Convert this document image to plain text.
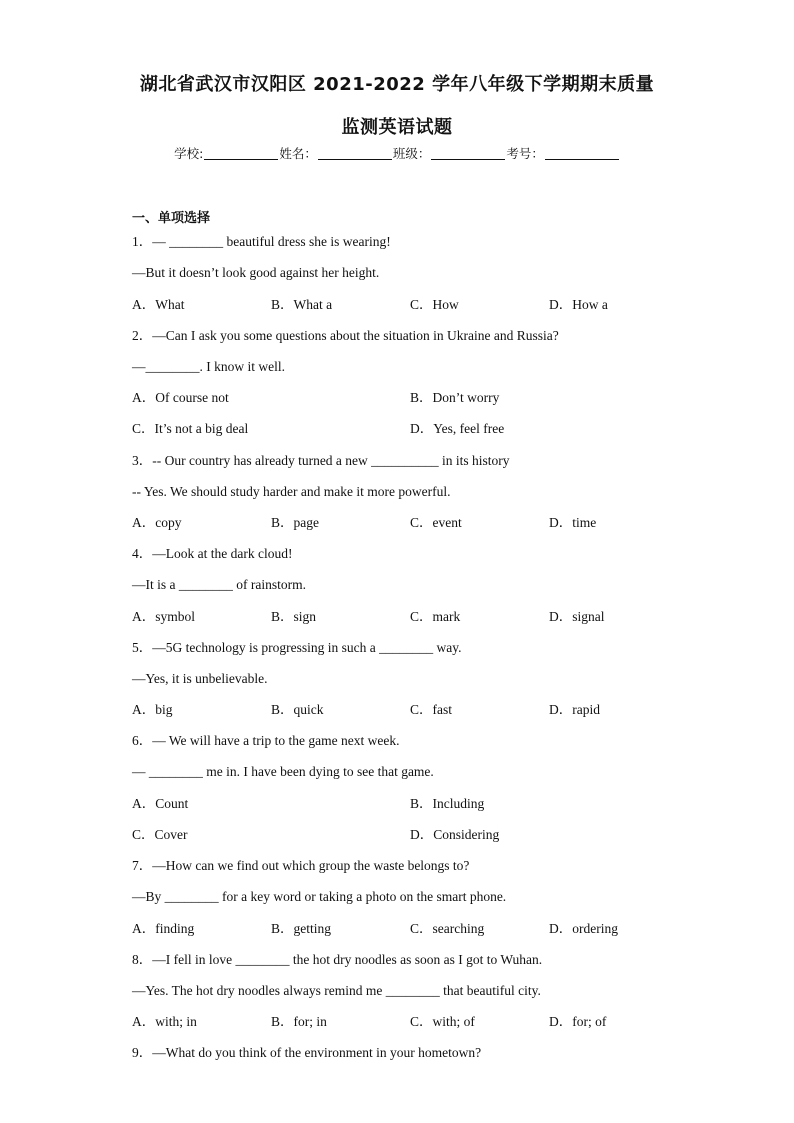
湖北省武汉市汉阳区 2021-2022 学年八年级下学期期末质量
监测英语试题
学校:	姓名：	班级：	考号：
一、单项选择
1．— ________ beautiful dress she is wearing!
—But it doesn’t look good against her height.
A．What	B．What a	C．How	D．How a
2．—Can I ask you some questions about the situation in Ukraine and Russia?
—________. I know it well.
A．Of course not	B．Don’t worry
C．It’s not a big deal	D．Yes, feel free
3．-- Our country has already turned a new __________ in its history
-- Yes. We should study harder and make it more powerful.
A．copy	B．page	C．event	D．time
4．—Look at the dark cloud!
—It is a ________ of rainstorm.
A．symbol	B．sign	C．mark	D．signal
5．—5G technology is progressing in such a ________ way.
—Yes, it is unbelievable.
A．big	B．quick	C．fast	D．rapid
6．— We will have a trip to the game next week.
— ________ me in. I have been dying to see that game.
A．Count	B．Including
C．Cover	D．Considering
7．—How can we find out which group the waste belongs to?
—By ________ for a key word or taking a photo on the smart phone.
A．finding	B．getting	C．searching	D．ordering
8．—I fell in love ________ the hot dry noodles as soon as I got to Wuhan.
—Yes. The hot dry noodles always remind me ________ that beautiful city.
A．with; in	B．for; in	C．with; of	D．for; of
9．—What do you think of the environment in your hometown?
